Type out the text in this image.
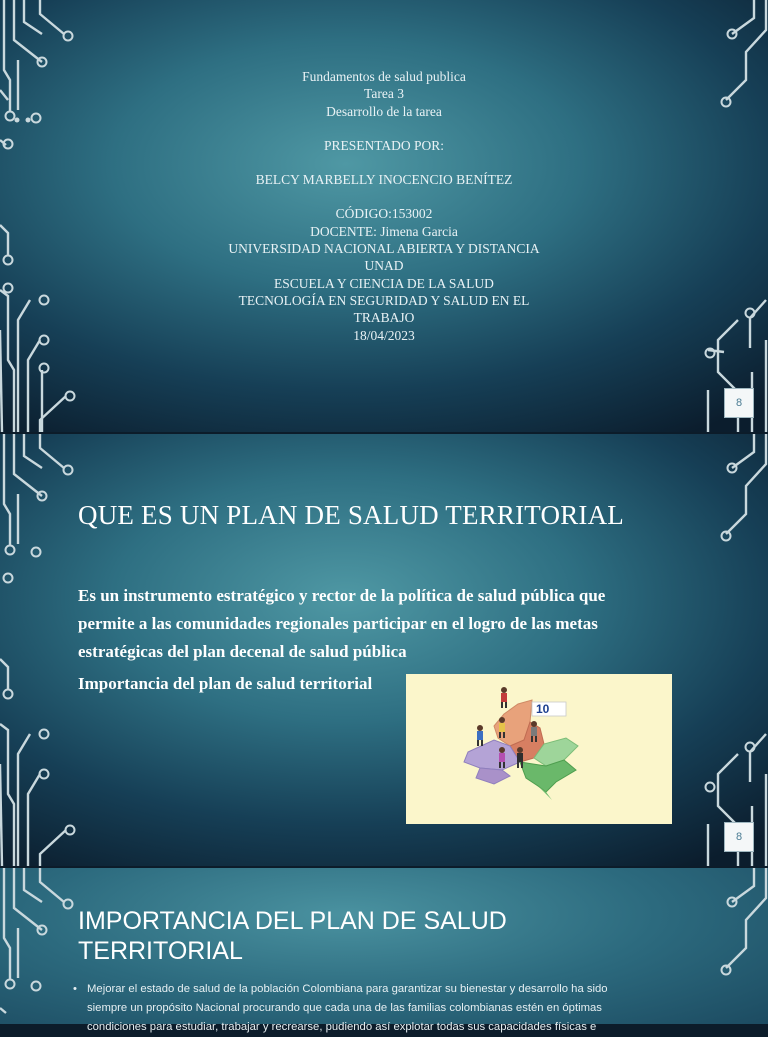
Fundamentos de salud publica
Tarea 3
Desarrollo de la tarea
PRESENTADO POR:
BELCY MARBELLY INOCENCIO BENÍTEZ
CÓDIGO:153002
DOCENTE: Jimena Garcia
UNIVERSIDAD NACIONAL ABIERTA Y DISTANCIA
UNAD
ESCUELA Y CIENCIA DE LA SALUD
TECNOLOGÍA EN SEGURIDAD Y SALUD EN EL
TRABAJO
18/04/2023
8
QUE ES UN PLAN DE SALUD TERRITORIAL
Es un instrumento estratégico y rector de la política de salud pública que
permite a las comunidades regionales participar en el logro de las metas
estratégicas del plan decenal de salud pública
Importancia del plan de salud territorial
10
8
IMPORTANCIA DEL PLAN DE SALUD
TERRITORIAL
• Mejorar el estado de salud de la población Colombiana para garantizar su bienestar y desarrollo ha sido
siempre un propósito Nacional procurando que cada una de las familias colombianas estén en óptimas
condiciones para estudiar, trabajar y recrearse, pudiendo así explotar todas sus capacidades físicas e
